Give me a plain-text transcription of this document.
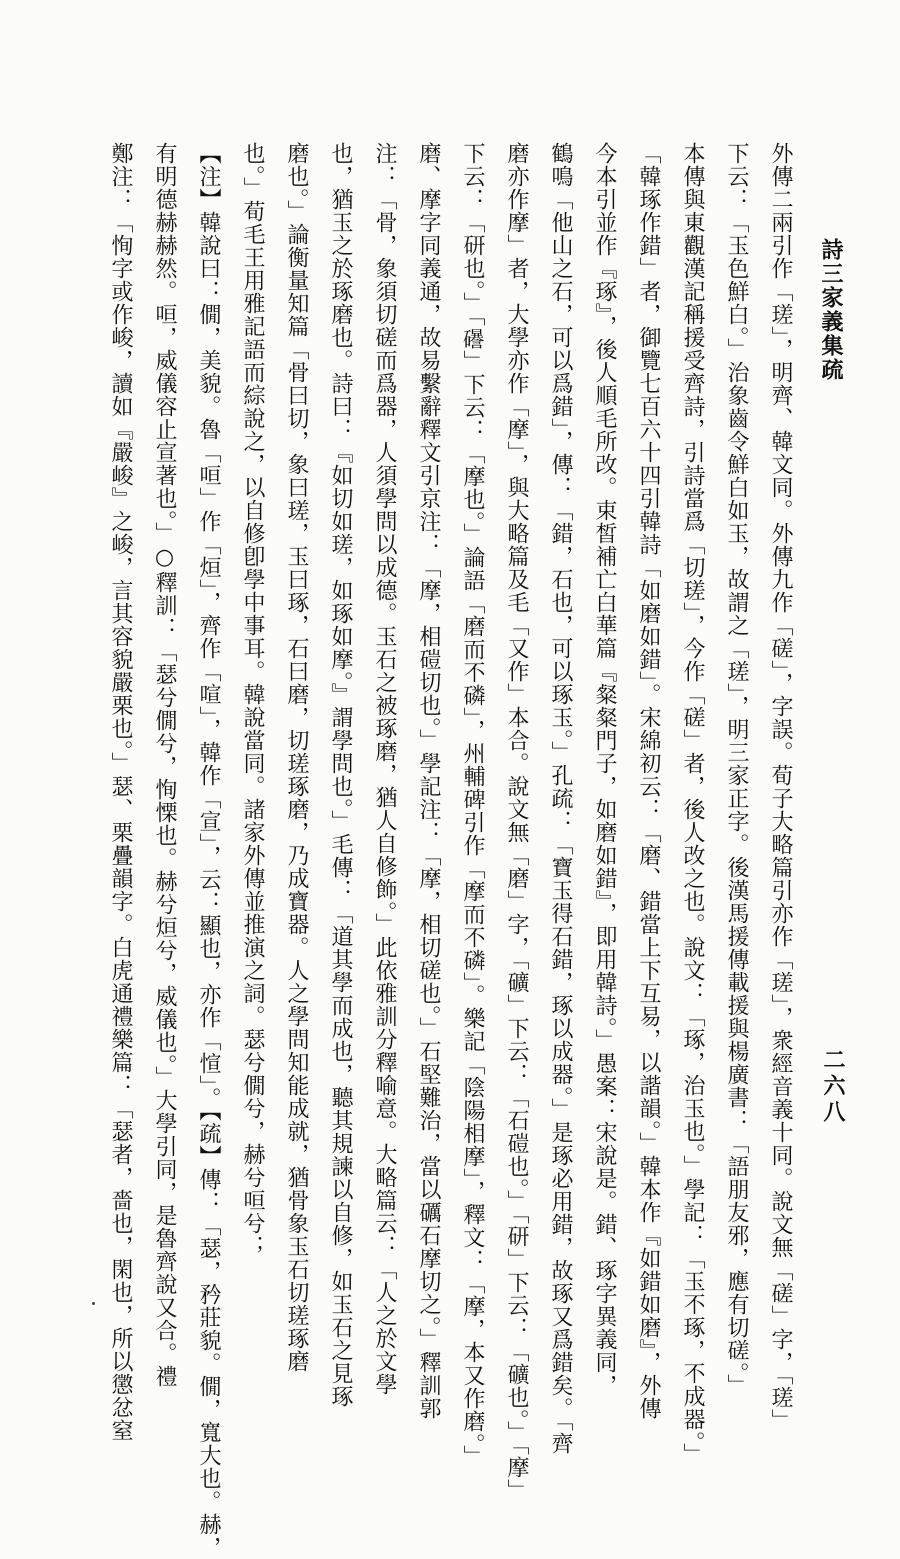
詩三家義集疏
二六八
外傳二兩引作「瑳」，明齊、韓文同。外傳九作「磋」，字誤。荀子大略篇引亦作「瑳」，衆經音義十同。說文無「磋」字，「瑳」
下云：「玉色鮮白。」治象齒令鮮白如玉，故謂之「瑳」，明三家正字。後漢馬援傳載援與楊廣書：「語朋友邪，應有切磋。」
本傳與東觀漢記稱援受齊詩，引詩當爲「切瑳」，今作「磋」者，後人改之也。說文：「琢，治玉也。」學記：「玉不琢，不成器。」
「韓琢作錯」者，御覽七百六十四引韓詩「如磨如錯」。宋綿初云：「磨、錯當上下互易，以諧韻。」韓本作『如錯如磨』，外傳
今本引並作『琢』，後人順毛所改。束皙補亡白華篇『粲粲門子，如磨如錯』，即用韓詩。」愚案：宋說是。錯、琢字異義同，
鶴鳴「他山之石，可以爲錯」，傳：「錯，石也，可以琢玉。」孔疏：「寶玉得石錯，琢以成器。」是琢必用錯，故琢又爲錯矣。「齊
磨亦作摩」者，大學亦作「摩」，與大略篇及毛「又作」本合。說文無「磨」字，「礦」下云：「石磑也。」「研」下云：「礦也。」「摩」
下云：「研也。」「𥗟」下云：「摩也。」論語「磨而不磷」，州輔碑引作「摩而不磷」。樂記「陰陽相摩」，釋文：「摩，本又作磨。」
磨、摩字同義通，故易繫辭釋文引京注：「摩，相磑切也。」學記注：「摩，相切磋也。」石堅難治，當以礪石摩切之。」釋訓郭
注：「骨，象須切磋而爲器，人須學問以成德。玉石之被琢磨，猶人自修飾。」此依雅訓分釋喻意。大略篇云：「人之於文學
也，猶玉之於琢磨也。詩曰：『如切如瑳，如琢如摩。』謂學問也。」毛傳：「道其學而成也，聽其規諫以自修，如玉石之見琢
磨也。」論衡量知篇「骨曰切，象曰瑳，玉曰琢，石曰磨，切瑳琢磨，乃成寶器。人之學問知能成就，猶骨象玉石切瑳琢磨
也。」荀毛王用雅記語而綜說之，以自修卽學中事耳。韓說當同。諸家外傳並推演之詞。瑟兮僩兮，赫兮咺兮；
【注】韓說曰：僩，美貌。魯「咺」作「烜」，齊作「喧」，韓作「宣」，云：顯也，亦作「愃」。【疏】傳：「瑟，矜莊貌。僩，寬大也。赫，
有明德赫赫然。咺，威儀容止宣著也。」○釋訓：「瑟兮僩兮，恂慄也。赫兮烜兮，威儀也。」大學引同，是魯齊說又合。禮
鄭注：「恂字或作峻，讀如『嚴峻』之峻，言其容貌嚴栗也。」瑟、栗疊韻字。白虎通禮樂篇：「瑟者，嗇也，閑也，所以懲忿窒
